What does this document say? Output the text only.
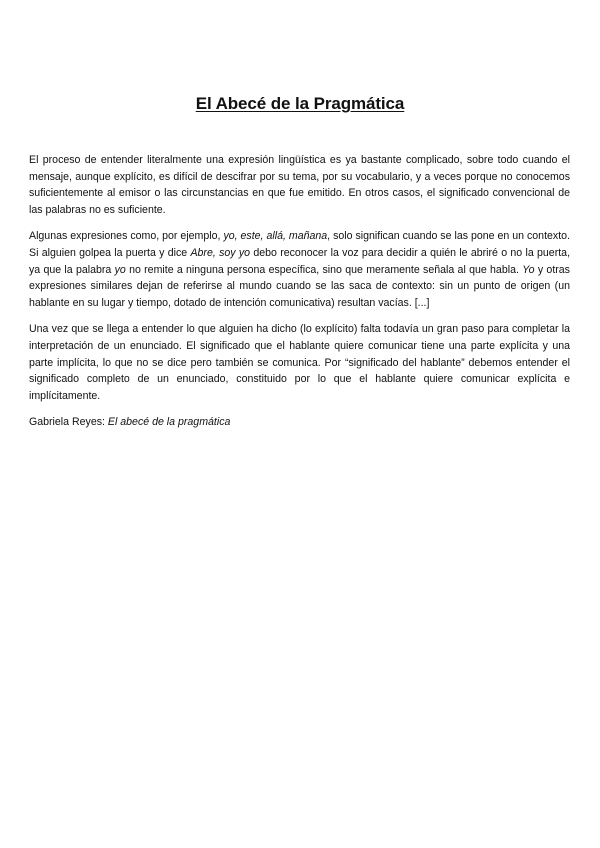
El Abecé de la Pragmática

El proceso de entender literalmente una expresión lingüística es ya bastante complicado, sobre todo cuando el mensaje, aunque explícito, es difícil de descifrar por su tema, por su vocabulario, y a veces porque no conocemos suficientemente al emisor o las circunstancias en que fue emitido. En otros casos, el significado convencional de las palabras no es suficiente.

Algunas expresiones como, por ejemplo, yo, este, allá, mañana, solo significan cuando se las pone en un contexto. Si alguien golpea la puerta y dice Abre, soy yo debo reconocer la voz para decidir a quién le abriré o no la puerta, ya que la palabra yo no remite a ninguna persona específica, sino que meramente señala al que habla. Yo y otras expresiones similares dejan de referirse al mundo cuando se las saca de contexto: sin un punto de origen (un hablante en su lugar y tiempo, dotado de intención comunicativa) resultan vacías. [...]

Una vez que se llega a entender lo que alguien ha dicho (lo explícito) falta todavía un gran paso para completar la interpretación de un enunciado. El significado que el hablante quiere comunicar tiene una parte explícita y una parte implícita, lo que no se dice pero también se comunica. Por “significado del hablante” debemos entender el significado completo de un enunciado, constituido por lo que el hablante quiere comunicar explícita e implícitamente.

Gabriela Reyes: El abecé de la pragmática
